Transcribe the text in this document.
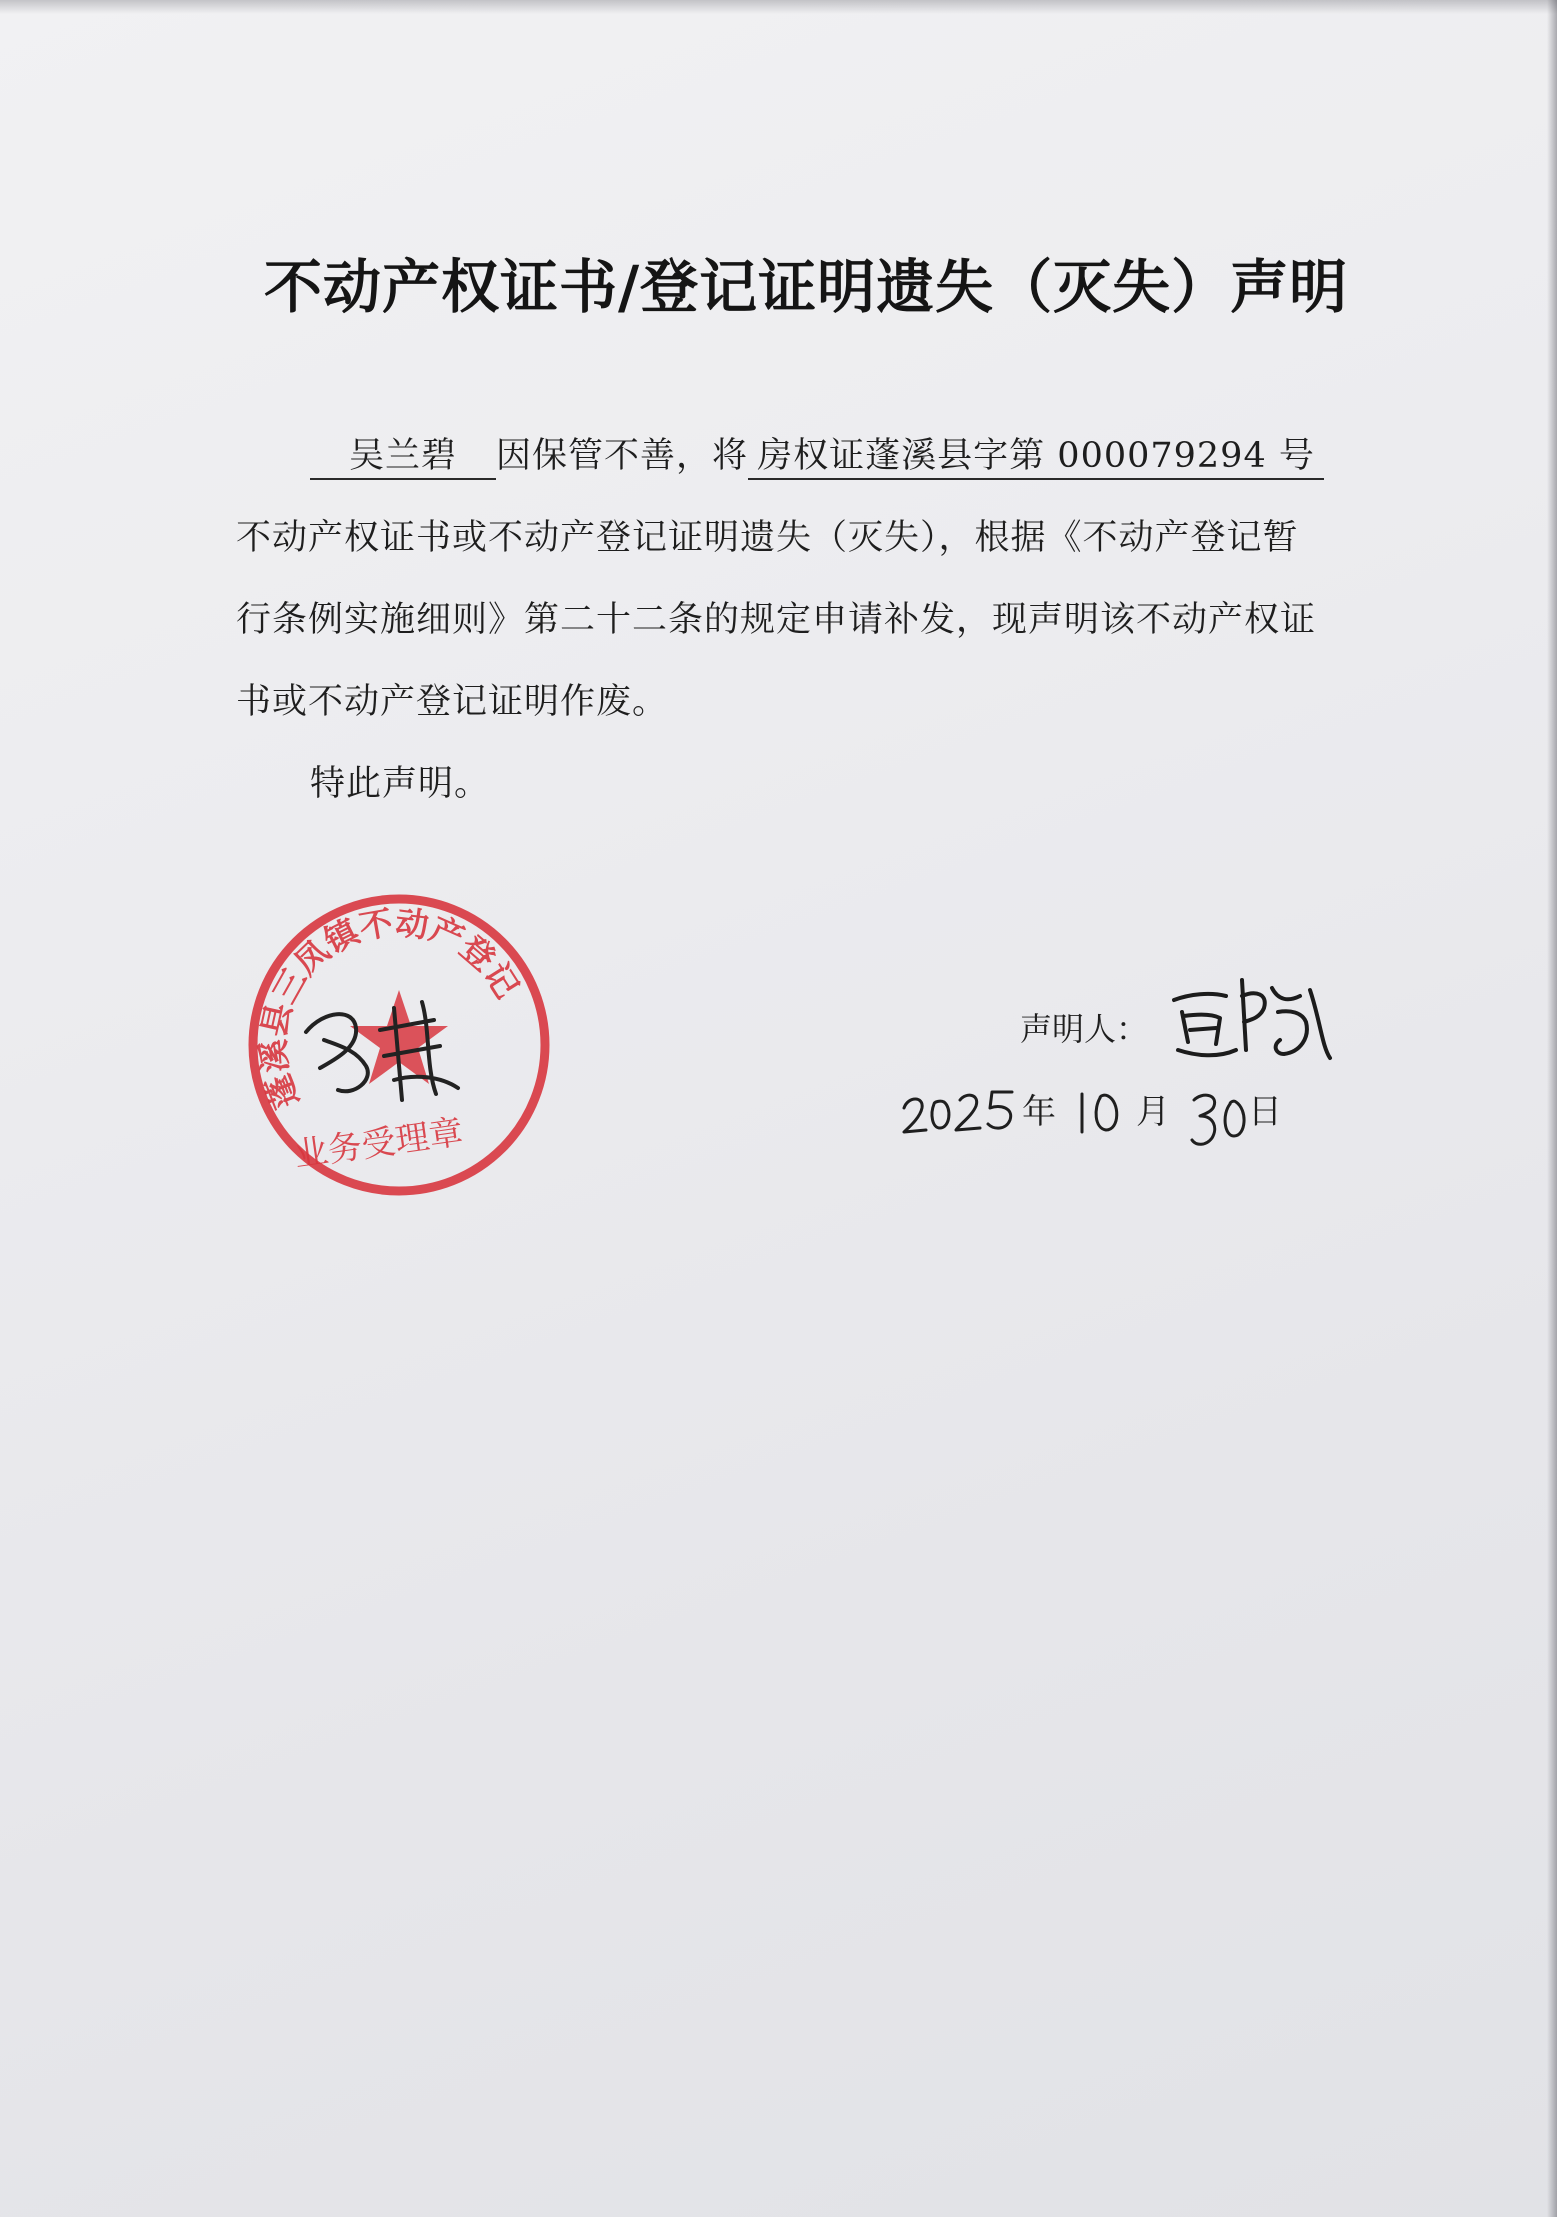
不动产权证书/登记证明遗失（灭失）声明
吴兰碧 因保管不善，将 房权证蓬溪县字第 000079294 号
不动产权证书或不动产登记证明遗失（灭失），根据《不动产登记暂
行条例实施细则》第二十二条的规定申请补发，现声明该不动产权证
书或不动产登记证明作废。
特此声明。
蓬溪县三凤镇不动产登记
业务受理章
声明人：
年 月 日
